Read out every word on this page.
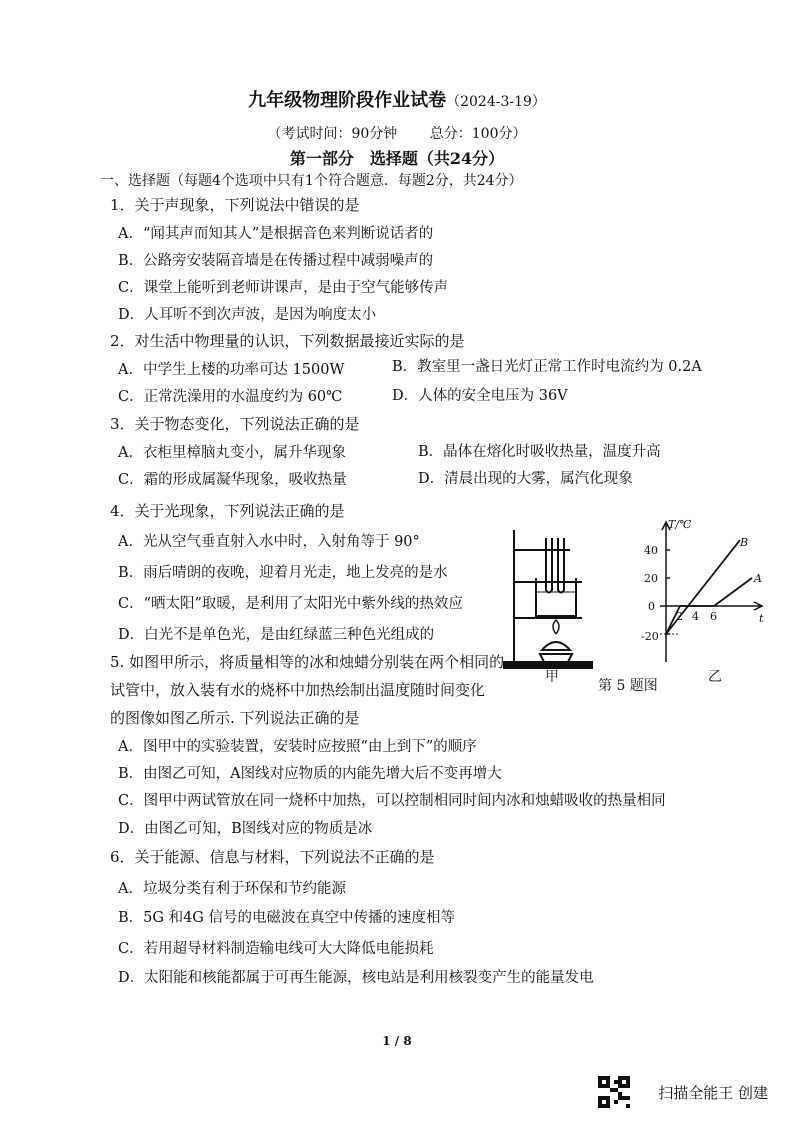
九年级物理阶段作业试卷（2024-3-19）
（考试时间：90分钟 总分：100分）
第一部分　选择题（共24分）
一、选择题（每题4个选项中只有1个符合题意．每题2分，共24分）
1．关于声现象，下列说法中错误的是
A．“闻其声而知其人”是根据音色来判断说话者的
B．公路旁安装隔音墙是在传播过程中减弱噪声的
C．课堂上能听到老师讲课声，是由于空气能够传声
D．人耳听不到次声波，是因为响度太小
2．对生活中物理量的认识，下列数据最接近实际的是
A．中学生上楼的功率可达 1500W	B．教室里一盏日光灯正常工作时电流约为 0.2A
C．正常洗澡用的水温度约为 60℃	D．人体的安全电压为 36V
3．关于物态变化，下列说法正确的是
A．衣柜里樟脑丸变小，属升华现象	B．晶体在熔化时吸收热量，温度升高
C．霜的形成属凝华现象，吸收热量	D．清晨出现的大雾，属汽化现象
4．关于光现象，下列说法正确的是
A．光从空气垂直射入水中时，入射角等于 90°
B．雨后晴朗的夜晚，迎着月光走，地上发亮的是水
C．“晒太阳”取暖，是利用了太阳光中紫外线的热效应
D．白光不是单色光，是由红绿蓝三种色光组成的
5. 如图甲所示，将质量相等的冰和烛蜡分别装在两个相同的
试管中，放入装有水的烧杯中加热绘制出温度随时间变化
的图像如图乙所示. 下列说法正确的是
A．图甲中的实验装置，安装时应按照“由上到下”的顺序
B．由图乙可知，A图线对应物质的内能先增大后不变再增大
C．图甲中两试管放在同一烧杯中加热，可以控制相同时间内冰和烛蜡吸收的热量相同
D．由图乙可知，B图线对应的物质是冰
6．关于能源、信息与材料，下列说法不正确的是
A．垃圾分类有利于环保和节约能源
B．5G 和4G 信号的电磁波在真空中传播的速度相等
C．若用超导材料制造输电线可大大降低电能损耗
D．太阳能和核能都属于可再生能源，核电站是利用核裂变产生的能量发电
甲
第 5 题图
乙
T/℃
t
40
20
0
-20
2 4 6
B
A
1 / 8
扫描全能王 创建
